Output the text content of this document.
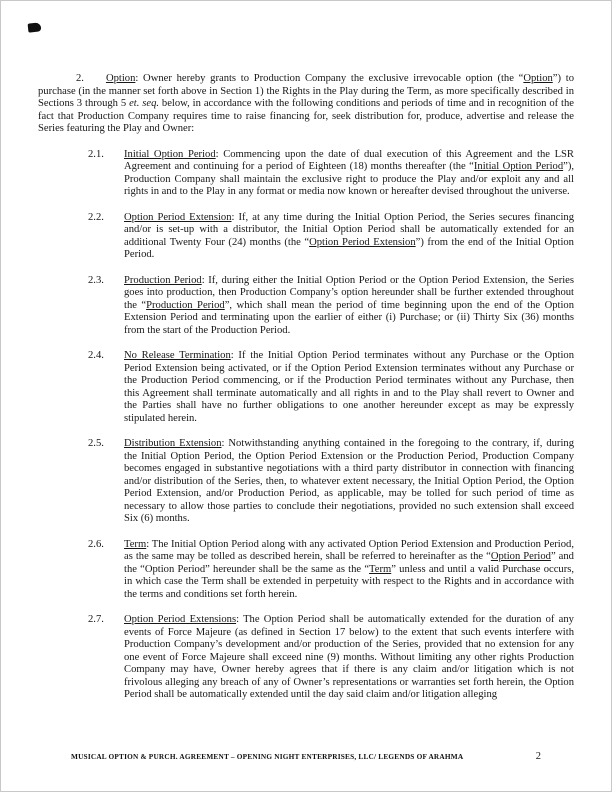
2. Option: Owner hereby grants to Production Company the exclusive irrevocable option (the “Option”) to purchase (in the manner set forth above in Section 1) the Rights in the Play during the Term, as more specifically described in Sections 3 through 5 et. seq. below, in accordance with the following conditions and periods of time and in recognition of the fact that Production Company requires time to raise financing for, seek distribution for, produce, advertise and release the Series featuring the Play and Owner:

2.1. Initial Option Period: Commencing upon the date of dual execution of this Agreement and the LSR Agreement and continuing for a period of Eighteen (18) months thereafter (the “Initial Option Period”), Production Company shall maintain the exclusive right to produce the Play and/or exploit any and all rights in and to the Play in any format or media now known or hereafter devised throughout the universe.

2.2. Option Period Extension: If, at any time during the Initial Option Period, the Series secures financing and/or is set-up with a distributor, the Initial Option Period shall be automatically extended for an additional Twenty Four (24) months (the “Option Period Extension”) from the end of the Initial Option Period.

2.3. Production Period: If, during either the Initial Option Period or the Option Period Extension, the Series goes into production, then Production Company’s option hereunder shall be further extended throughout the “Production Period”, which shall mean the period of time beginning upon the end of the Option Extension Period and terminating upon the earlier of either (i) Purchase; or (ii) Thirty Six (36) months from the start of the Production Period.

2.4. No Release Termination: If the Initial Option Period terminates without any Purchase or the Option Period Extension being activated, or if the Option Period Extension terminates without any Purchase or the Production Period commencing, or if the Production Period terminates without any Purchase, then this Agreement shall terminate automatically and all rights in and to the Play shall revert to Owner and the Parties shall have no further obligations to one another hereunder except as may be expressly stipulated herein.

2.5. Distribution Extension: Notwithstanding anything contained in the foregoing to the contrary, if, during the Initial Option Period, the Option Period Extension or the Production Period, Production Company becomes engaged in substantive negotiations with a third party distributor in connection with financing and/or distribution of the Series, then, to whatever extent necessary, the Initial Option Period, the Option Period Extension, and/or Production Period, as applicable, may be tolled for such period of time as necessary to allow those parties to conclude their negotiations, provided no such extension shall exceed Six (6) months.

2.6. Term: The Initial Option Period along with any activated Option Period Extension and Production Period, as the same may be tolled as described herein, shall be referred to hereinafter as the “Option Period” and the “Option Period” hereunder shall be the same as the “Term” unless and until a valid Purchase occurs, in which case the Term shall be extended in perpetuity with respect to the Rights and in accordance with the terms and conditions set forth herein.

2.7. Option Period Extensions: The Option Period shall be automatically extended for the duration of any events of Force Majeure (as defined in Section 17 below) to the extent that such events interfere with Production Company’s development and/or production of the Series, provided that no extension for any one event of Force Majeure shall exceed nine (9) months. Without limiting any other rights Production Company may have, Owner hereby agrees that if there is any claim and/or litigation which is not frivolous alleging any breach of any of Owner’s representations or warranties set forth herein, the Option Period shall be automatically extended until the day said claim and/or litigation alleging

MUSICAL OPTION & PURCH. AGREEMENT – OPENING NIGHT ENTERPRISES, LLC/ LEGENDS OF ARAHMA	2
